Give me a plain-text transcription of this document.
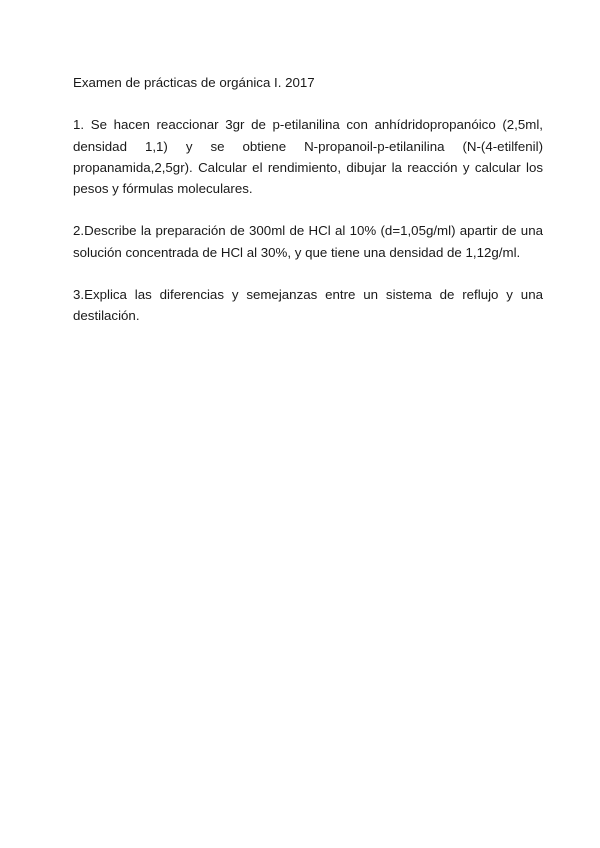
Examen de prácticas de orgánica I. 2017

1. Se hacen reaccionar 3gr de p-etilanilina con anhídridopropanóico (2,5ml, densidad 1,1) y se obtiene N-propanoil-p-etilanilina (N-(4-etilfenil) propanamida,2,5gr). Calcular el rendimiento, dibujar la reacción y calcular los pesos y fórmulas moleculares.

2.Describe la preparación de 300ml de HCl al 10% (d=1,05g/ml) apartir de una solución concentrada de HCl al 30%, y que tiene una densidad de 1,12g/ml.

3.Explica las diferencias y semejanzas entre un sistema de reflujo y una destilación.
